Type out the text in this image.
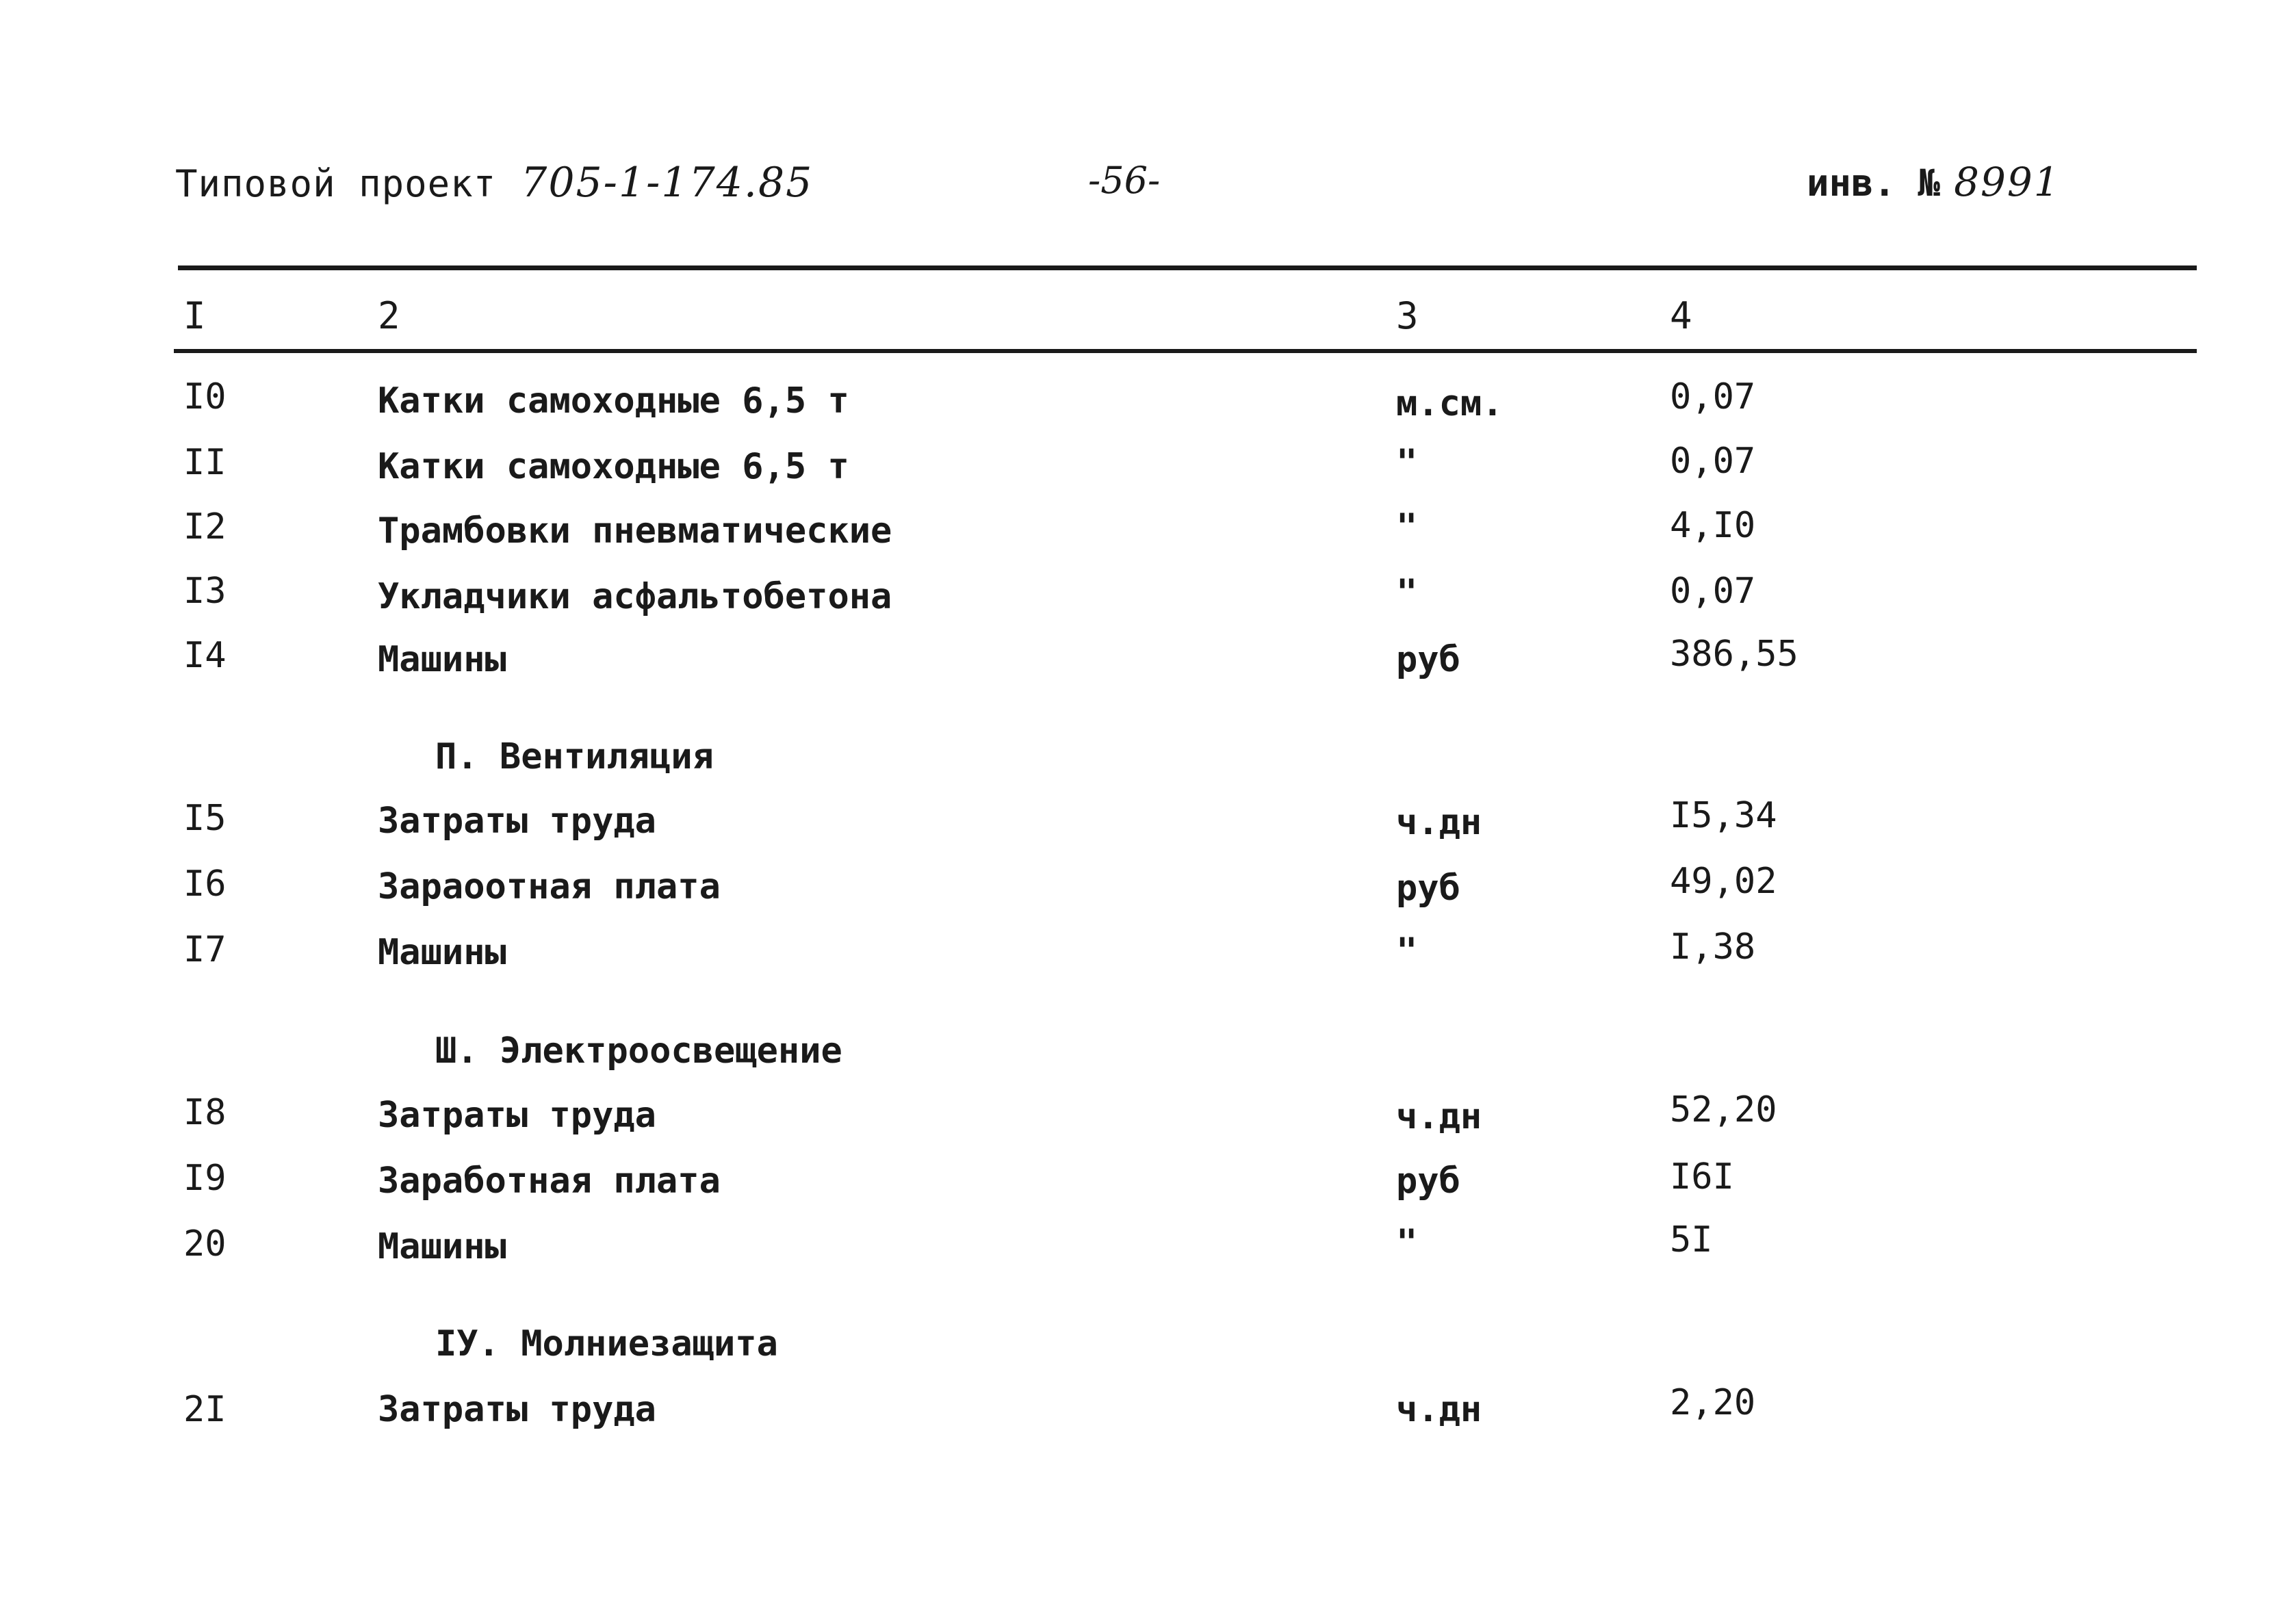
Типовой проект 705-1-174.85	-56-	инв. № 8991
I	2	3	4
I0	Катки самоходные 6,5 т	м.см.	0,07
II	Катки самоходные 6,5 т	"	0,07
I2	Трамбовки пневматические	"	4,I0
I3	Укладчики асфальтобетона	"	0,07
I4	Машины	руб	386,55
П. Вентиляция
I5	Затраты труда	ч.дн	I5,34
I6	Зараоотная плата	руб	49,02
I7	Машины	"	I,38
Ш. Электроосвещение
I8	Затраты труда	ч.дн	52,20
I9	Заработная плата	руб	I6I
20	Машины	"	5I
IУ. Молниезащита
2I	Затраты труда	ч.дн	2,20
